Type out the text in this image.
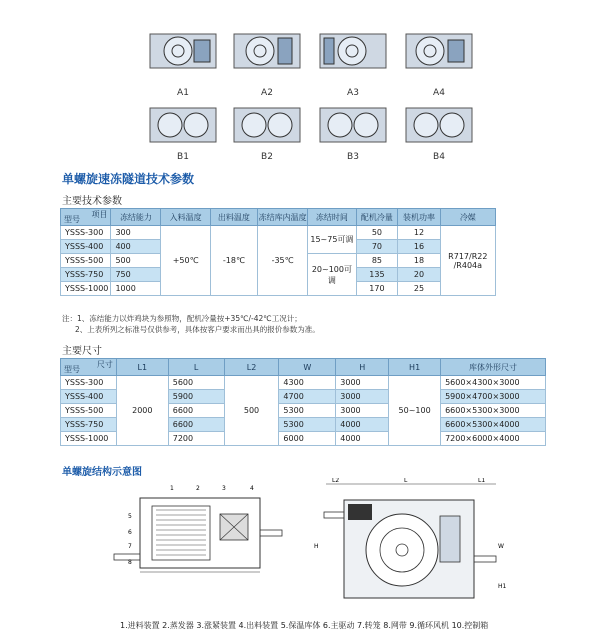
A1	A2	A3	A4
B1	B2	B3	B4
单螺旋速冻隧道技术参数
主要技术参数
项目
型号	冻结能力	入料温度	出料温度	冻结库内温度	冻结时间	配机冷量	装机功率	冷媒
YSSS-300	300	+50℃	-18℃	-35℃	15~75可调	50	12	R717/R22
/R404a
YSSS-400	400					70	16	
YSSS-500	500				20~100可调	85	18	
YSSS-750	750					135	20	
YSSS-1000	1000					170	25	
注：1、冻结能力以炸鸡块为参照物，配机冷量按+35℃/-42℃工况计；
2、上表所列之标准号仅供参考，具体按客户要求而出具的报价参数为准。
主要尺寸
尺寸
型号	L1	L	L2	W	H	H1	库体外形尺寸
YSSS-300	2000	5600	500	4300	3000	50~100	5600×4300×3000
YSSS-400		5900		4700	3000		5900×4700×3000
YSSS-500		6600		5300	3000		6600×5300×3000
YSSS-750		6600		5300	4000		6600×5300×4000
YSSS-1000		7200		6000	4000		7200×6000×4000
单螺旋结构示意图
1	2	3	4
5
6
7
8
L2	L	L1
H	W
H1
1.进料装置 2.蒸发器 3.涨紧装置 4.出料装置 5.保温库体 6.主驱动 7.转笼 8.网带 9.循环风机 10.控制箱
